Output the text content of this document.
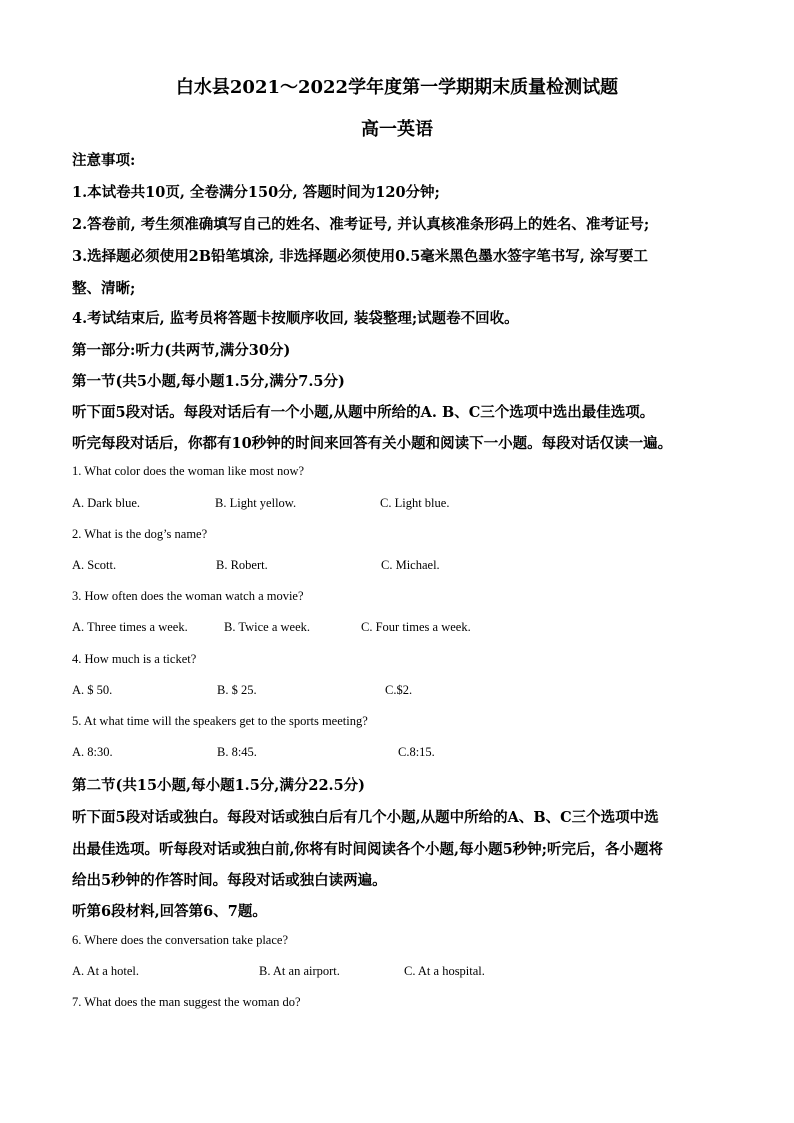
白水县2021～2022学年度第一学期期末质量检测试题
高一英语
注意事项:
1.本试卷共10页, 全卷满分150分, 答题时间为120分钟;
2.答卷前, 考生须准确填写自己的姓名、准考证号, 并认真核准条形码上的姓名、准考证号;
3.选择题必须使用2B铅笔填涂, 非选择题必须使用0.5毫米黑色墨水签字笔书写, 涂写要工
整、清晰;
4.考试结束后, 监考员将答题卡按顺序收回, 装袋整理;试题卷不回收。
第一部分:听力(共两节,满分30分)
第一节(共5小题,每小题1.5分,满分7.5分)
听下面5段对话。每段对话后有一个小题,从题中所给的A. B、C三个选项中选出最佳选项。
听完每段对话后，你都有10秒钟的时间来回答有关小题和阅读下一小题。每段对话仅读一遍。
1. What color does the woman like most now?
A. Dark blue.	B. Light yellow.	C. Light blue.
2. What is the dog’s name?
A. Scott.	B. Robert.	C. Michael.
3. How often does the woman watch a movie?
A. Three times a week.	B. Twice a week.	C. Four times a week.
4. How much is a ticket?
A. $ 50.	B. $ 25.	C.$2.
5. At what time will the speakers get to the sports meeting?
A. 8:30.	B. 8:45.	C.8:15.
第二节(共15小题,每小题1.5分,满分22.5分)
听下面5段对话或独白。每段对话或独白后有几个小题,从题中所给的A、B、C三个选项中选
出最佳选项。听每段对话或独白前,你将有时间阅读各个小题,每小题5秒钟;听完后，各小题将
给出5秒钟的作答时间。每段对话或独白读两遍。
听第6段材料,回答第6、7题。
6. Where does the conversation take place?
A. At a hotel.	B. At an airport.	C. At a hospital.
7. What does the man suggest the woman do?
